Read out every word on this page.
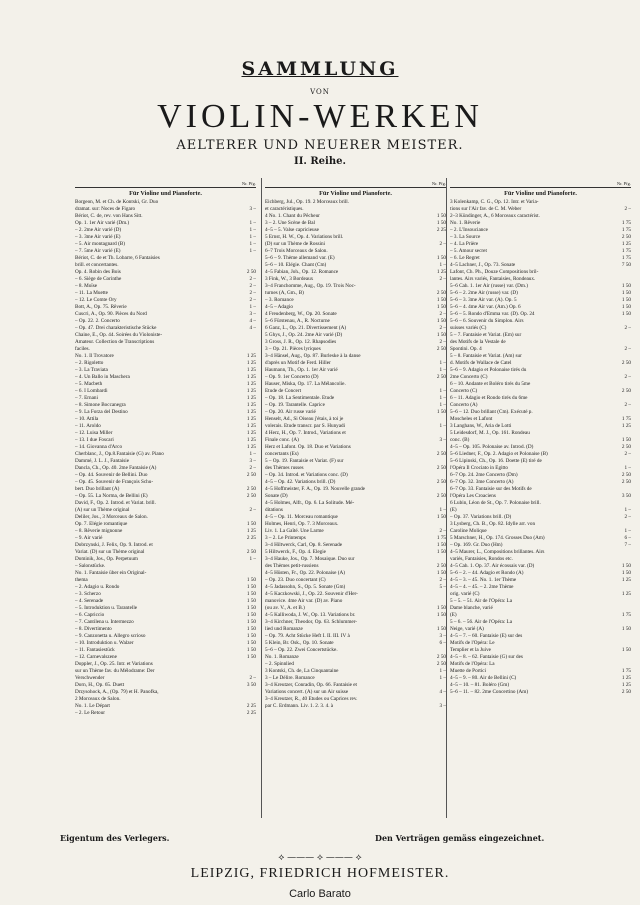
SAMMLUNG
VON
VIOLIN-WERKEN
AELTERER UND NEUERER MEISTER.
II. Reihe.
Nr. Pfg.
Für Violine und Pianoforte.
Borgeon, M. et Ch. de Kontski, Gr. Duo
dramat. sur: Noces de Figaro	3 –
Bériot, C. de, rev. von Hans Sitt.
Op. 1. 1er Air varié (Dm.)	1 –
– 2. 2me Air varié (D)	1 –
– 3. 3me Air varié (E)	1 –
– 5. Air montagnard (B)	1 –
– 7. 5me Air varié (E)	1 –
Bériot, C. de et Th. Lobarre, 6 Fantaisies
brill. et concertantes.
Op. 4. Robin des Bois	2 50
– 6. Siège de Corinthe	2 –
– 8. Moïse	2 –
– 11. La Muette	2 –
– 12. Le Comte Ory	2 –
Bott, A., Op. 75. Rêverie	1 –
Cuscri, A., Op. 90. Pièces du Nord	3 –
– Op. 22. 2. Concerto	4 –
– Op. 47. Drei charakteristische Stücke	4 –
Chaine, E., Op. 44. Soirées du Violoniste-
Amateur. Collection de Transcriptions
faciles.
No. 1. Il Trovatore	1 25
– 2. Rigoletto	1 25
– 3. La Traviata	1 25
– 4. Un Ballo in Maschera	1 25
– 5. Macbeth	1 25
– 6. I Lombardi	1 25
– 7. Ernani	1 25
– 8. Simone Boccanegra	1 25
– 9. La Forza del Destino	1 25
– 10. Attila	1 25
– 11. Aroldo	1 25
– 12. Luisa Miller	1 25
– 13. I due Foscari	1 25
– 14. Giovanna d'Arco	1 25
Cherblanc, J., Op.8.Fantaisie (G) av. Piano	1 –
Dammé, J. L. J., Fantaisie	3 –
Dancla, Ch., Op. 40. 2me Fantaisie (A)	2 –
– Op. 44. Souvenir de Bellini. Duo	2 50
– Op. 45. Souvenir de François Schu-
bert. Duo brillant (A)	2 50
– Op. 55. La Norma, de Bellini (E)	2 50
David, F., Op. 2. Introd. et Variat. brill.
(A) sur un Thème original	2 –
Deliler, Jos., 3 Morceaux de Salon.
Op. 7. Elégie romantique	1 50
– 8. Rêverie mignonne	1 25
– 9. Air varié	2 25
Dobrzynski, J. Felix, Op. 9. Introd. et
Variat. (D) sur un Thème original	2 50
Dominik, Jos., Op. Perpetuum	1 –
– Salonstücke.
No. 1. Fantaisie über ein Original-
thema	1 50
– 2. Adagio u. Rondo	1 50
– 3. Scherzo	1 50
– 4. Serenade	1 50
– 5. Introduktion u. Tarantelle	1 50
– 6. Capriccio	1 50
– 7. Cantilena u. Intermezzo	1 50
– 8. Divertimento	1 50
– 9. Canzonetta u. Allegro scrioso	1 50
– 10. Introduktion u. Walzer	1 50
– 11. Fantasiestück	1 50
– 12. Carnevalszene	1 50
Doppler, J., Op. 25. Intr. et Variations
sur un Thème fav. du Mélodrame: Der
Verschwender	2 –
Dorn, H., Op. 65. Duett	3 50
Drzysohock, A., (Op. 79) et H. Panofka,
2 Morceaux de Salon.
No. 1. Le Départ	2 25
– 2. Le Retour	2 25
Nr. Pfg.
Für Violine und Pianoforte.
Eichberg, Jul., Op. 19. 2 Morceaux brill.
et caractéristiques.
4 No. 1. Chant du Pêcheur	1 50
3 – 2. Une Scène de Bal	1 50
4–5 – 5. Valse capricieuse	2 25
5 Ernst, H. W., Op. 4. Variations brill.
(D) sur un Thème de Rossini	2 –
6–7 Trois Morceaux de Salon.
5–6 – 9. Thème allemand var. (E)	1 50
5–6 – 10. Elégie. Chant (Cm)	1 –
4–5 Fabian, Joh., Op. 12. Romance	1 25
3 Fink, W., 3 Bordeaux	2 –
3–4 Franchomme, Aug., Op. 19. Trois Noc-
turnes (A, Gm., B)	2 50
– 3. Romance	1 50
4–5 – Adagio	1 50
4 Freudenberg, W., Op. 20. Sonate	2 –
5–6 Fürstenau, A., R. Nocturne	1 50
6 Ganz, L., Op. 21. Divertissement (A)	2 –
5 Ghys, J., Op. 24. 2me Air varié (D)	1 50
3 Gross, J. R., Op. 12. Rhapsodies	2 –
3 – Op. 21. Pièces lyriques	2 50
3–4 Hänsel, Aug., Op. 87. Burleske à la danse
d'après un Motif de Ferd. Hiller	1 –
Haumann, Th., Op. 1. 1er Air varié	1 –
– Op. 9. 1er Concerto (D)	2 50
Hauser, Miska, Op. 17. La Mélancolie.
Etude de Concert	1 –
– Op. 18. La Sentimentale. Etude	1 –
– Op. 19. Tarantelle. Caprice	1 –
– Op. 20. Air russe varié	1 50
Henselt, Ad., Si Oiseau j'étais, à toi je
volerais. Etude transcr. par S. Hunyadi	1 –
4 Herz, H., Op. 7. Introd., Variations et
Finale conc. (A)	3 –
Herz et Lafont. Op. 18. Duo et Variations
concertants (Es)	2 50
5 – Op. 19. Fantaisie et Variat. (F) sur
des Thèmes russes	2 50
– Op. 34. Introd. et Variations conc. (D)
4–5 – Op. 42. Variations brill. (D)	2 50
4–5 Hoffmeister, F. A., Op. 19. Nouvelle grande
Sonate (D)	2 50
4–5 Holmes, Alfr., Op. 6. La Solitude. Mé-
ditations	1 –
4–5 – Op. 11. Morceau romantique	1 50
Holmes, Henri, Op. 7. 3 Morceaux.
Liv. 1. La Gaîté. Une Larme	2 –
3 – 2. Le Printemps	1 75
3–4 Hiltwerck, Carl, Op. 8. Serenade	1 50
5 Hiltwerck, F., Op. 4. Elegie	1 50
3–4 Hauke, Jos., Op. 7. Mosaique. Duo sur
des Thèmes petit-russiens	2 50
4–5 Hüsten, Fr., Op. 22. Polonaise (A)	1 50
– Op. 23. Duo concertant (C)	2 –
4–5 Jadassohn, S., Op. 5. Sonate (Gm)	5 –
4–5 Kaczkowski, J., Op. 22. Souvenir d'Her-
manovice. 4me Air var. (D) av. Piano
(ou av. V., A. et B.)	1 50
4–5 Kalliwoda, J. W., Op. 13. Variations br.	1 50
3–4 Kirchner, Theodor, Op. 63. Schlummer-
lied und Romanze	1 50
– Op. 79. Acht Stücke Heft I. II. III. IV à	3 –
5 Klein, Br. Osk., Op. 10. Sonate	6 –
5–6 – Op. 22. Zwei Concertstücke.
No. 1. Romanze	2 50
– 2. Spinnlied	2 50
3 Kontski, Ch. de, La Cinquantaine	1 –
3 – Le Délire. Romance	1 –
3–4 Kreutzer, Conradin, Op. 66. Fantaisie et
Variations concert. (A) sur un Air suisse	4 –
3–4 Kreutzer, R., 40 Etudes ou Caprices rev.
par C. Erdmann. Liv. 1. 2. 3. 4. à	3 –
Nr. Pfg.
Für Violine und Pianoforte.
3 Kolenkamp, C. G., Op. 12. Intr. et Varia-
tions sur l'Air fav. de C. M. Weber	2 –
2–3 Kündinger, A., 6 Morceaux caractérist.
No. 1. Rêverie	1 75
– 2. L'Insouciance	1 75
– 3. La Source	2 50
– 4. La Prière	1 25
– 5. Amour secret	1 75
– 6. Le Regret	1 75
4–5 Lachner, J., Op. 73. Sonate	7 50
Lafont, Ch. Ph., Douze Compositions bril-
lantes. Airs variés, Fantaisies, Rondeaux.
5–6 Cah. 1. 1er Air (russe) var. (Dm.)	1 50
5–6 – 2. 2me Air (russe) var. (D)	1 50
5–6 – 3. 3me Air var. (A). Op. 5	1 50
5–6 – 4. 4me Air var. (Am.) Op. 6	1 50
5–6 – 5. Rondo d'Emma var. (D). Op. 24	1 50
5–6 – 6. Souvenir du Simplon. Airs
suisses variés (C)	2 –
5 – 7. Fantaisie et Variat. (Em) sur
des Motifs de la Vestale de
Spontini. Op. 4	2 –
5 – 8. Fantaisie et Variat. (Am) sur
d. Motifs de Wallace de Catel	2 50
5–6 – 9. Adagio et Polonaise tirés du
2me Concerto (C)	2 –
6 – 10. Andante et Boléro tirés du 5me
Concerto (C)	2 50
6 – 11. Adagio et Rondo tirés du 6me
Concerto (A)	2 –
5–6 – 12. Duo brillant (Cm). Exécuté p.
Moscheles et Lafont	1 75
3 Langhans, W., Aria de Lotti	1 25
5 Leidesdorf, M. J., Op. 161. Rondeau
conc. (B)	1 50
4–5 – Op. 105. Polonaise av. Introd. (D)	2 50
5–6 Liedner, F., Op. 2. Adagio et Polonaise (B)	2 –
5–6 Lipinski, Ch., Op. 16. Doette (E) tiré de
l'Opéra Il Crociato in Egitto	1 –
6–7 Op. 24. 2me Concerto (Dm)	2 50
6–7 Op. 32. 3me Concerto (A)	2 50
6–7 Op. 33. Fantaisie sur des Motifs de
l'Opéra Les Croaciens	3 50
6 Lubin, Léon de St., Op. 7. Polonaise brill.
(E)	1 –
– Op. 37. Variations brill. (D)	2 –
3 Lysberg, Ch. B., Op. 82. Idylle arr. von
Caroline Molique	1 –
5 Marschner, H., Op. 174. Grosses Duo (Am)	6 –
– Op. 169. Gr. Duo (Hm)	7 –
4–5 Maurer, L., Compositions brillantes. Airs
variés, Fantaisies, Rondos etc.
4–5 Cah. 1. Op. 37. Air écossais var. (D)	1 50
5–6 – 2. – 44. Adagio et Rondo (A)	1 50
4–5 – 3. – 45. No. 1. 1er Thème	1 25
4–5 – 4. – 45. – 2. 2me Thème
orig. varié (C)	1 25
5 – 5. – 51. Air de l'Opéra: La
Dame blanche, varié
(E)	1 75
5 – 6. – 56. Air de l'Opéra: La
Neige, varié (A)	1 50
4–5 – 7. – 60. Fantaisie (E) sur des
Motifs de l'Opéra: Le
Templier et la Juive	1 50
4–5 – 8. – 62. Fantaisie (G) sur des
Motifs de l'Opéra: La
Muette de Portici	1 75
4–5 – 9. – 80. Air de Bellini (C)	1 25
4–5 – 10. – 81. Boléro (Gm)	1 25
5–6 – 11. – 82. 2me Concertino (Am)	2 50
Eigentum des Verlegers.	Den Verträgen gemäss eingezeichnet.
⟡ ——— ⟡ ——— ⟡
LEIPZIG, FRIEDRICH HOFMEISTER.
Carlo Barato
